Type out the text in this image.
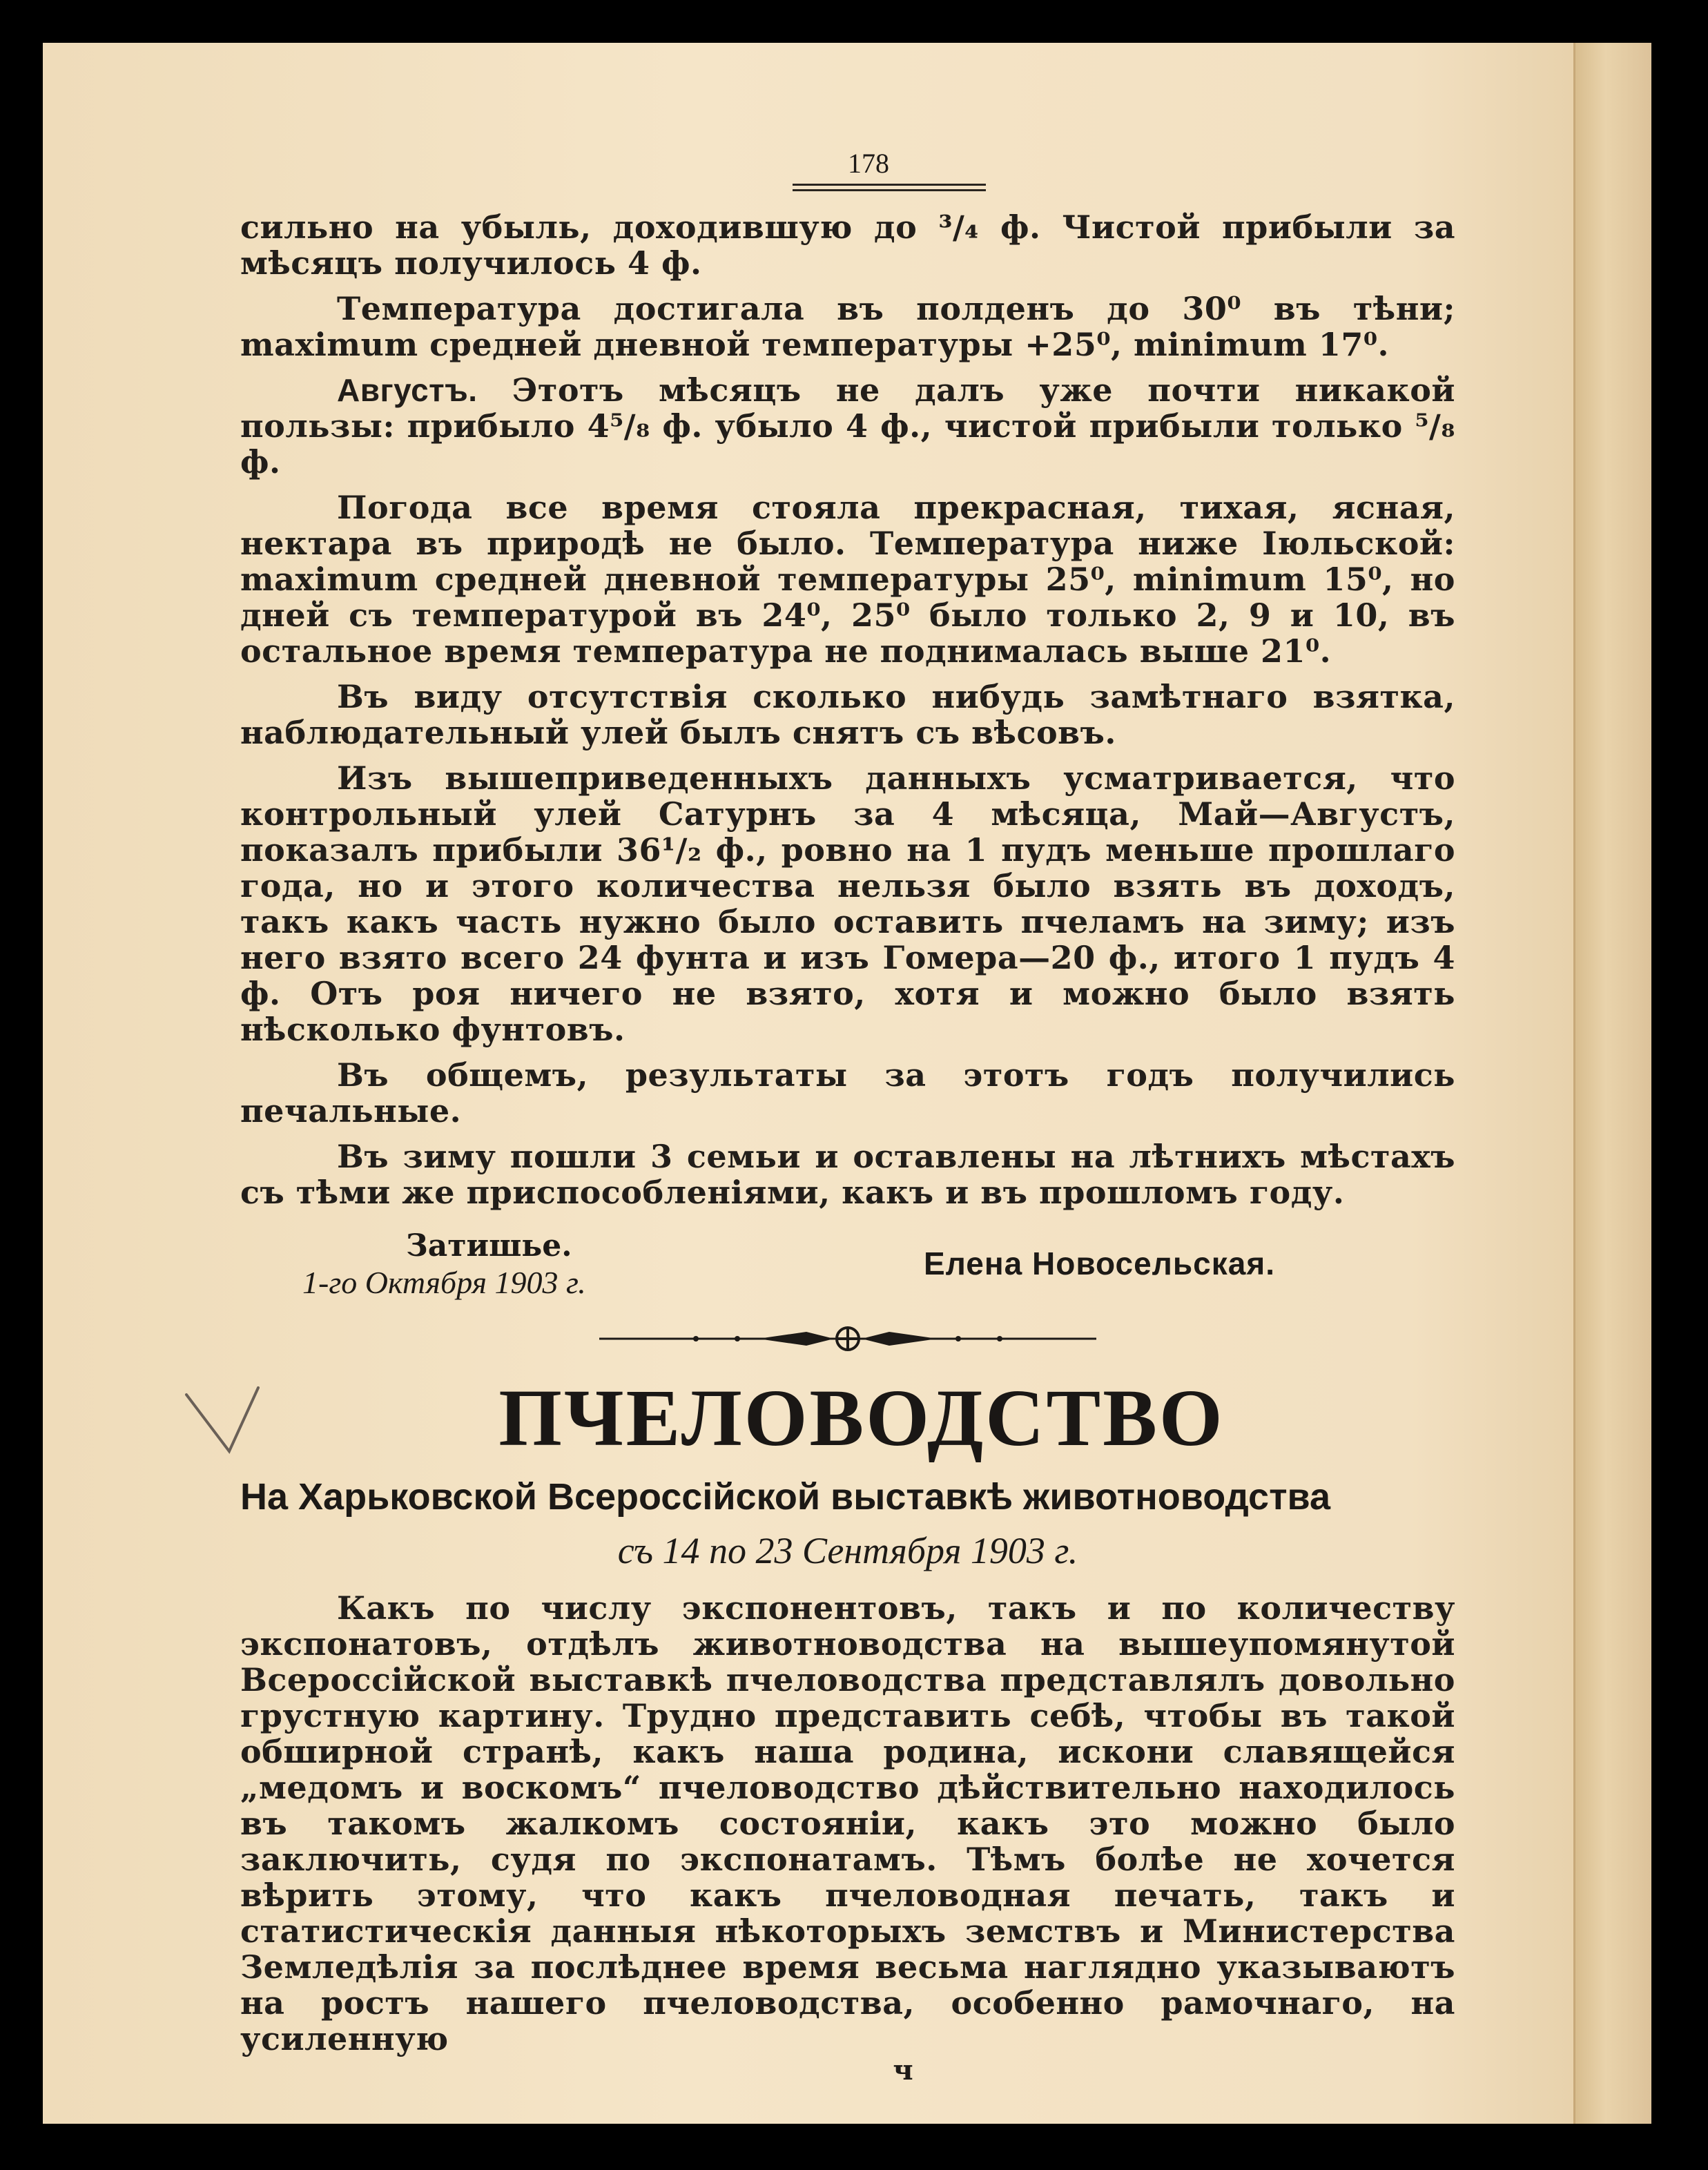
178

сильно на убыль, доходившую до ³/₄ ф. Чистой прибыли за мѣсяцъ получилось 4 ф.

Температура достигала въ полденъ до 30⁰ въ тѣни; maximum средней дневной температуры +25⁰, minimum 17⁰.

Августъ. Этотъ мѣсяцъ не далъ уже почти никакой пользы: прибыло 4⁵/₈ ф. убыло 4 ф., чистой прибыли только ⁵/₈ ф.

Погода все время стояла прекрасная, тихая, ясная, нектара въ природѣ не было. Температура ниже Іюльской: maximum средней дневной температуры 25⁰, minimum 15⁰, но дней съ температурой въ 24⁰, 25⁰ было только 2, 9 и 10, въ остальное время температура не поднималась выше 21⁰.

Въ виду отсутствія сколько нибудь замѣтнаго взятка, наблюдательный улей былъ снятъ съ вѣсовъ.

Изъ вышеприведенныхъ данныхъ усматривается, что контрольный улей Сатурнъ за 4 мѣсяца, Май—Августъ, показалъ прибыли 36¹/₂ ф., ровно на 1 пудъ меньше прошлаго года, но и этого количества нельзя было взять въ доходъ, такъ какъ часть нужно было оставить пчеламъ на зиму; изъ него взято всего 24 фунта и изъ Гомера—20 ф., итого 1 пудъ 4 ф. Отъ роя ничего не взято, хотя и можно было взять нѣсколько фунтовъ.

Въ общемъ, результаты за этотъ годъ получились печальные.

Въ зиму пошли 3 семьи и оставлены на лѣтнихъ мѣстахъ съ тѣми же приспособленіями, какъ и въ прошломъ году.

Затишье.
1-го Октября 1903 г.
Елена Новосельская.
ПЧЕЛОВОДСТВО
На Харьковской Всероссійской выставкѣ животноводства
съ 14 по 23 Сентября 1903 г.

Какъ по числу экспонентовъ, такъ и по количеству экспонатовъ, отдѣлъ животноводства на вышеупомянутой Всероссійской выставкѣ пчеловодства представлялъ довольно грустную картину. Трудно представить себѣ, чтобы въ такой обширной странѣ, какъ наша родина, искони славящейся „медомъ и воскомъ“ пчеловодство дѣйствительно находилось въ такомъ жалкомъ состояніи, какъ это можно было заключить, судя по экспонатамъ. Тѣмъ болѣе не хочется вѣрить этому, что какъ пчеловодная печать, такъ и статистическія данныя нѣкоторыхъ земствъ и Министерства Земледѣлія за послѣднее время весьма наглядно указываютъ на ростъ нашего пчеловодства, особенно рамочнаго, на усиленную

ч
